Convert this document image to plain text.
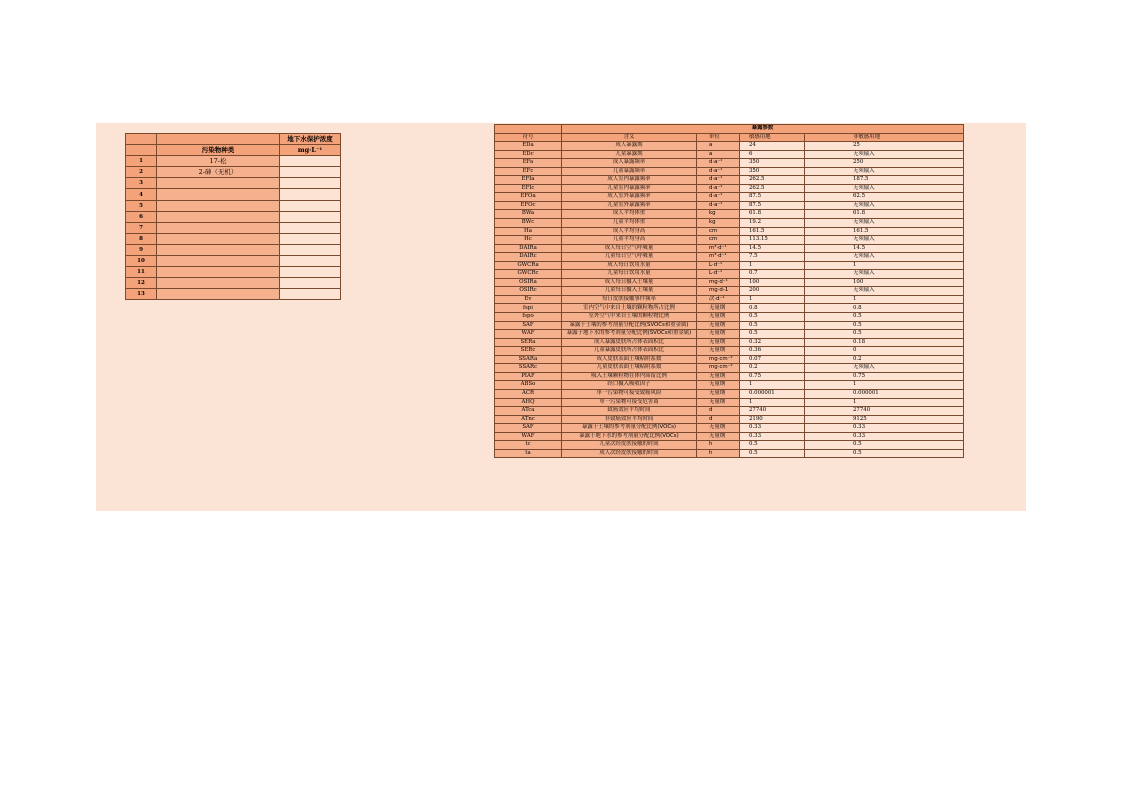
		地下水保护浓度
	污染物种类	mg·L⁻¹
1	17-松	
2	2-砷（无机）	
3		
4		
5		
6		
7		
8		
9		
10		
11		
12		
13		
	暴露参数			
符号	含义	单位	敏感用地	非敏感用地
EDa	成人暴露期	a	24	25
EDc	儿童暴露期	a	6	无须输入
EFa	成人暴露频率	d·a⁻¹	350	250
EFc	儿童暴露频率	d·a⁻¹	350	无须输入
EFIa	成人室内暴露频率	d·a⁻¹	262.5	187.5
EFIc	儿童室内暴露频率	d·a⁻¹	262.5	无须输入
EFOa	成人室外暴露频率	d·a⁻¹	87.5	62.5
EFOc	儿童室外暴露频率	d·a⁻¹	87.5	无须输入
BWa	成人平均体重	kg	61.8	61.8
BWc	儿童平均体重	kg	19.2	无须输入
Ha	成人平均身高	cm	161.5	161.5
Hc	儿童平均身高	cm	113.15	无须输入
DAIRa	成人每日空气呼吸量	m³·d⁻¹	14.5	14.5
DAIRc	儿童每日空气呼吸量	m³·d⁻¹	7.5	无须输入
GWCRa	成人每日饮用水量	L·d⁻¹	1	1
GWCRc	儿童每日饮用水量	L·d⁻¹	0.7	无须输入
OSIRa	成人每日摄入土壤量	mg·d⁻¹	100	100
OSIRc	儿童每日摄入土壤量	mg·d-1	200	无须输入
Ev	每日皮肤接触事件频率	次·d⁻¹	1	1
fspi	室内空气中来自土壤的颗粒物所占比例	无量纲	0.8	0.8
fspo	室外空气中来自土壤的颗粒物比例	无量纲	0.5	0.5
SAF	暴露于土壤的参考剂量分配比例(SVOCs和重金属)	无量纲	0.5	0.5
WAF	暴露于地下水的参考剂量分配比例(SVOCs和重金属)	无量纲	0.5	0.5
SERa	成人暴露皮肤所占体表面积比	无量纲	0.32	0.18
SERc	儿童暴露皮肤所占体表面积比	无量纲	0.36	0
SSARa	成人皮肤表面土壤粘附系数	mg·cm⁻²	0.07	0.2
SSARc	儿童皮肤表面土壤粘附系数	mg·cm⁻²	0.2	无须输入
PIAF	吸入土壤颗粒物在体内滞留比例	无量纲	0.75	0.75
ABSo	经口摄入吸收因子	无量纲	1	1
ACR	单一污染物可接受致癌风险	无量纲	0.000001	0.000001
AHQ	单一污染物可接受危害商	无量纲	1	1
ATca	致癌效应平均时间	d	27740	27740
ATnc	非致癌效应平均时间	d	2190	9125
SAF	暴露于土壤的参考剂量分配比例(VOCs)	无量纲	0.33	0.33
WAF	暴露于地下水的参考剂量分配比例(VOCs)	无量纲	0.33	0.33
tc	儿童次经皮肤接触的时间	h	0.5	0.5
ta	成人次经皮肤接触的时间	h	0.5	0.5
